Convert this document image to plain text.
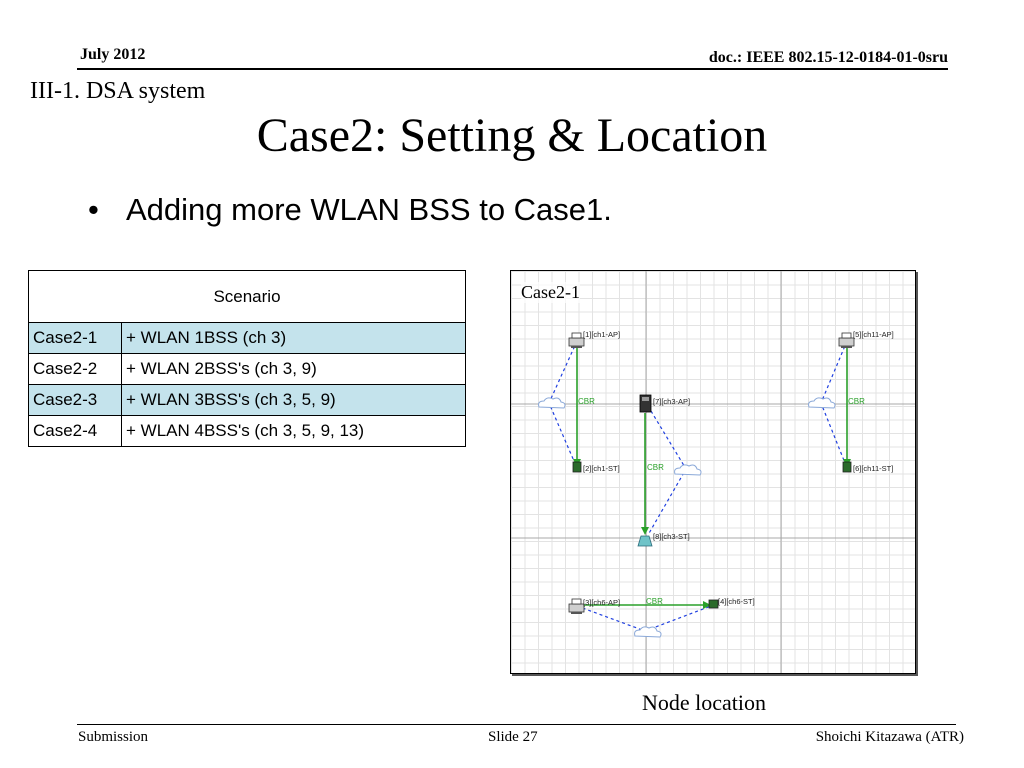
July 2012	doc.: IEEE 802.15-12-0184-01-0sru
III-1. DSA system
Case2: Setting & Location
• Adding more WLAN BSS to Case1.
Scenario	
Case2-1	+ WLAN 1BSS (ch 3)
Case2-2	+ WLAN 2BSS's (ch 3, 9)
Case2-3	+ WLAN 3BSS's (ch 3, 5, 9)
Case2-4	+ WLAN 4BSS's (ch 3, 5, 9, 13)
CBR	CBR
CBR
CBR
[1][ch1-AP]
[2][ch1-ST]
[5][ch11-AP]
[6][ch11-ST]
[7][ch3-AP]
[8][ch3-ST]
[3][ch6-AP]	[4][ch6-ST]
Case2-1
Node location
Submission	Slide 27	Shoichi Kitazawa (ATR)
